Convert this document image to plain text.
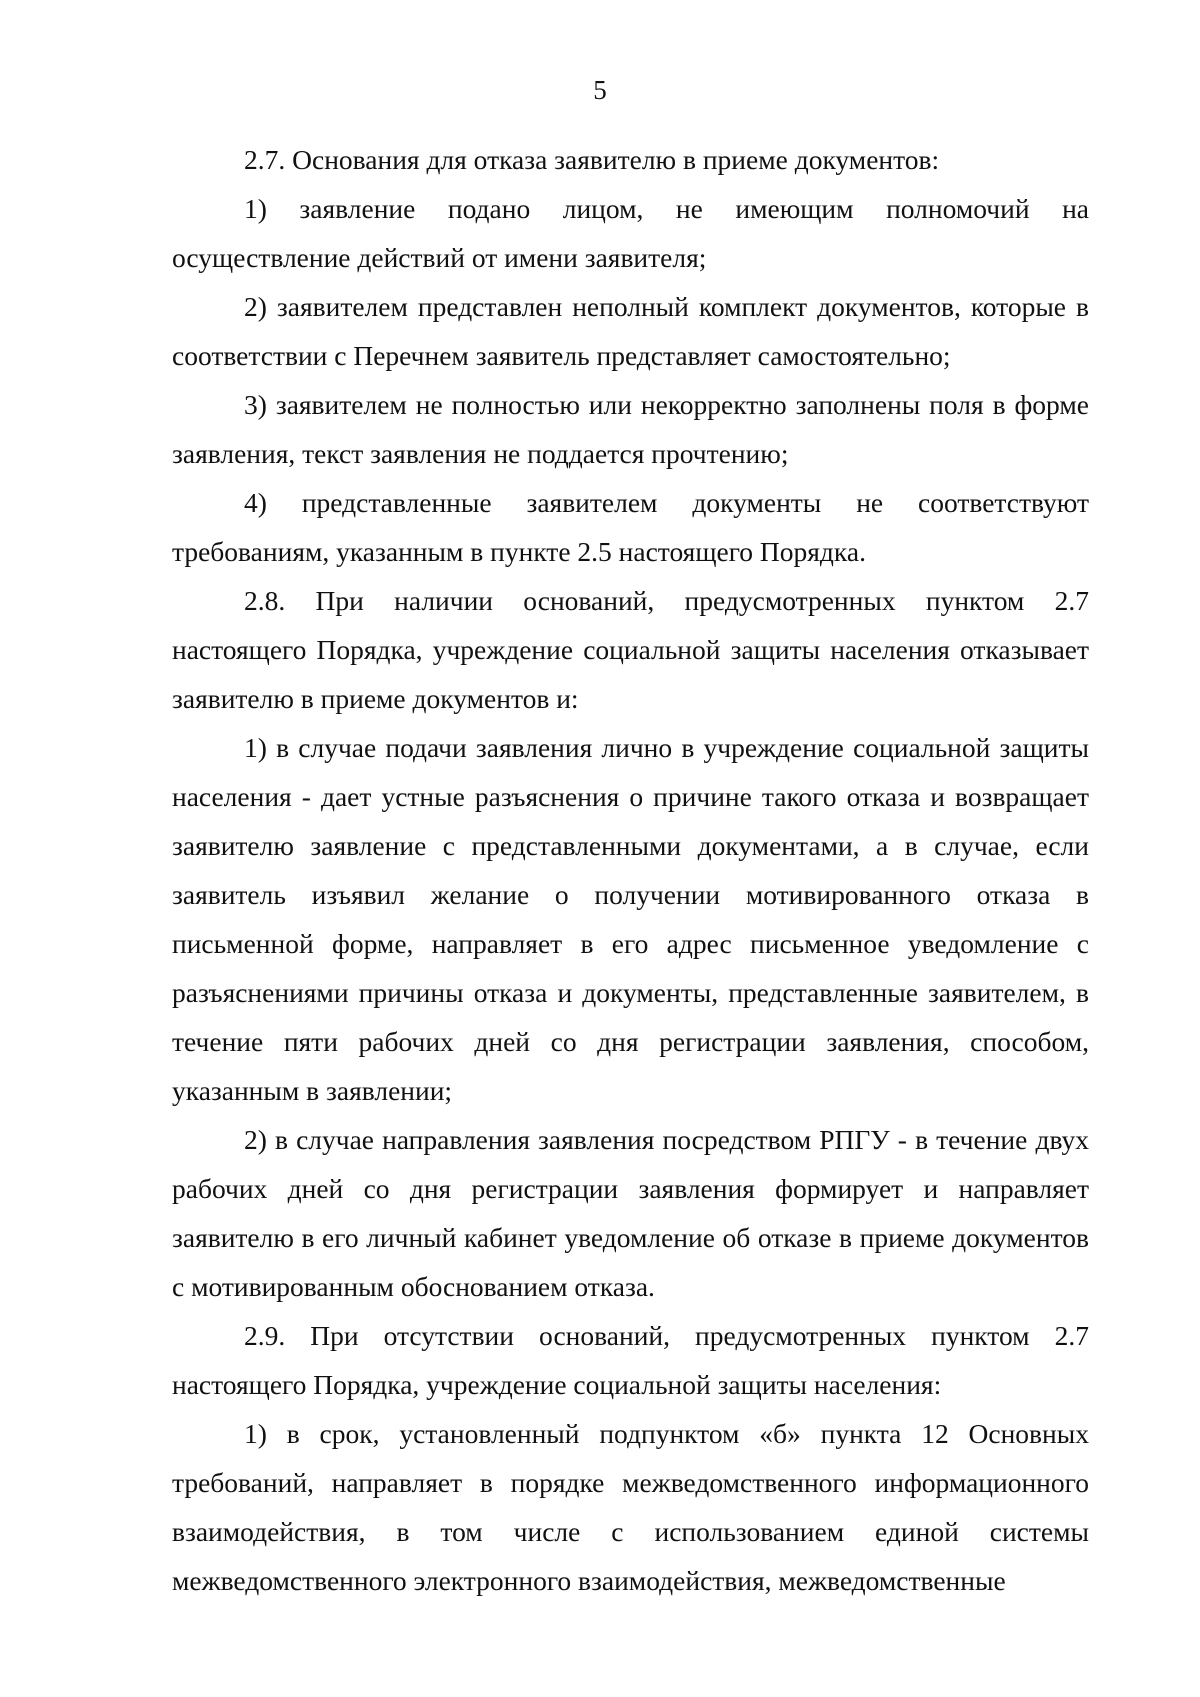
5

2.7. Основания для отказа заявителю в приеме документов:

1) заявление подано лицом, не имеющим полномочий на осуществление действий от имени заявителя;

2) заявителем представлен неполный комплект документов, которые в соответствии с Перечнем заявитель представляет самостоятельно;

3) заявителем не полностью или некорректно заполнены поля в форме заявления, текст заявления не поддается прочтению;

4) представленные заявителем документы не соответствуют требованиям, указанным в пункте 2.5 настоящего Порядка.

2.8. При наличии оснований, предусмотренных пунктом 2.7 настоящего Порядка, учреждение социальной защиты населения отказывает заявителю в приеме документов и:

1) в случае подачи заявления лично в учреждение социальной защиты населения - дает устные разъяснения о причине такого отказа и возвращает заявителю заявление с представленными документами, а в случае, если заявитель изъявил желание о получении мотивированного отказа в письменной форме, направляет в его адрес письменное уведомление с разъяснениями причины отказа и документы, представленные заявителем, в течение пяти рабочих дней со дня регистрации заявления, способом, указанным в заявлении;

2) в случае направления заявления посредством РПГУ - в течение двух рабочих дней со дня регистрации заявления формирует и направляет заявителю в его личный кабинет уведомление об отказе в приеме документов с мотивированным обоснованием отказа.

2.9. При отсутствии оснований, предусмотренных пунктом 2.7 настоящего Порядка, учреждение социальной защиты населения:

1) в срок, установленный подпунктом «б» пункта 12 Основных требований, направляет в порядке межведомственного информационного взаимодействия, в том числе с использованием единой системы межведомственного электронного взаимодействия, межведомственные
